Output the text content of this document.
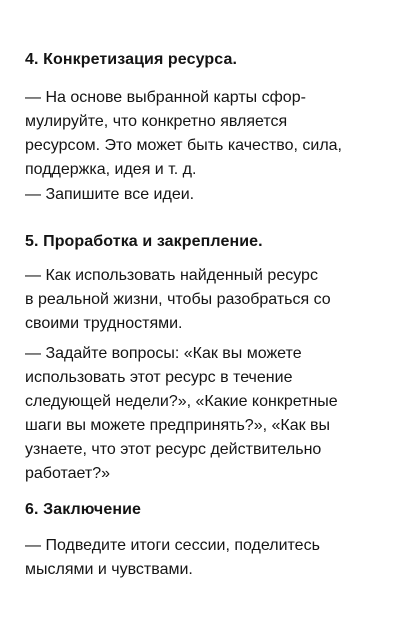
4. Конкретизация ресурса.

— На основе выбранной карты сфор-
мулируйте, что конкретно является
ресурсом. Это может быть качество, сила,
поддержка, идея и т. д.

— Запишите все идеи.

5. Проработка и закрепление.

— Как использовать найденный ресурс
в реальной жизни, чтобы разобраться со
своими трудностями.

— Задайте вопросы: «Как вы можете
использовать этот ресурс в течение
следующей недели?», «Какие конкретные
шаги вы можете предпринять?», «Как вы
узнаете, что этот ресурс действительно
работает?»

6. Заключение

— Подведите итоги сессии, поделитесь
мыслями и чувствами.
